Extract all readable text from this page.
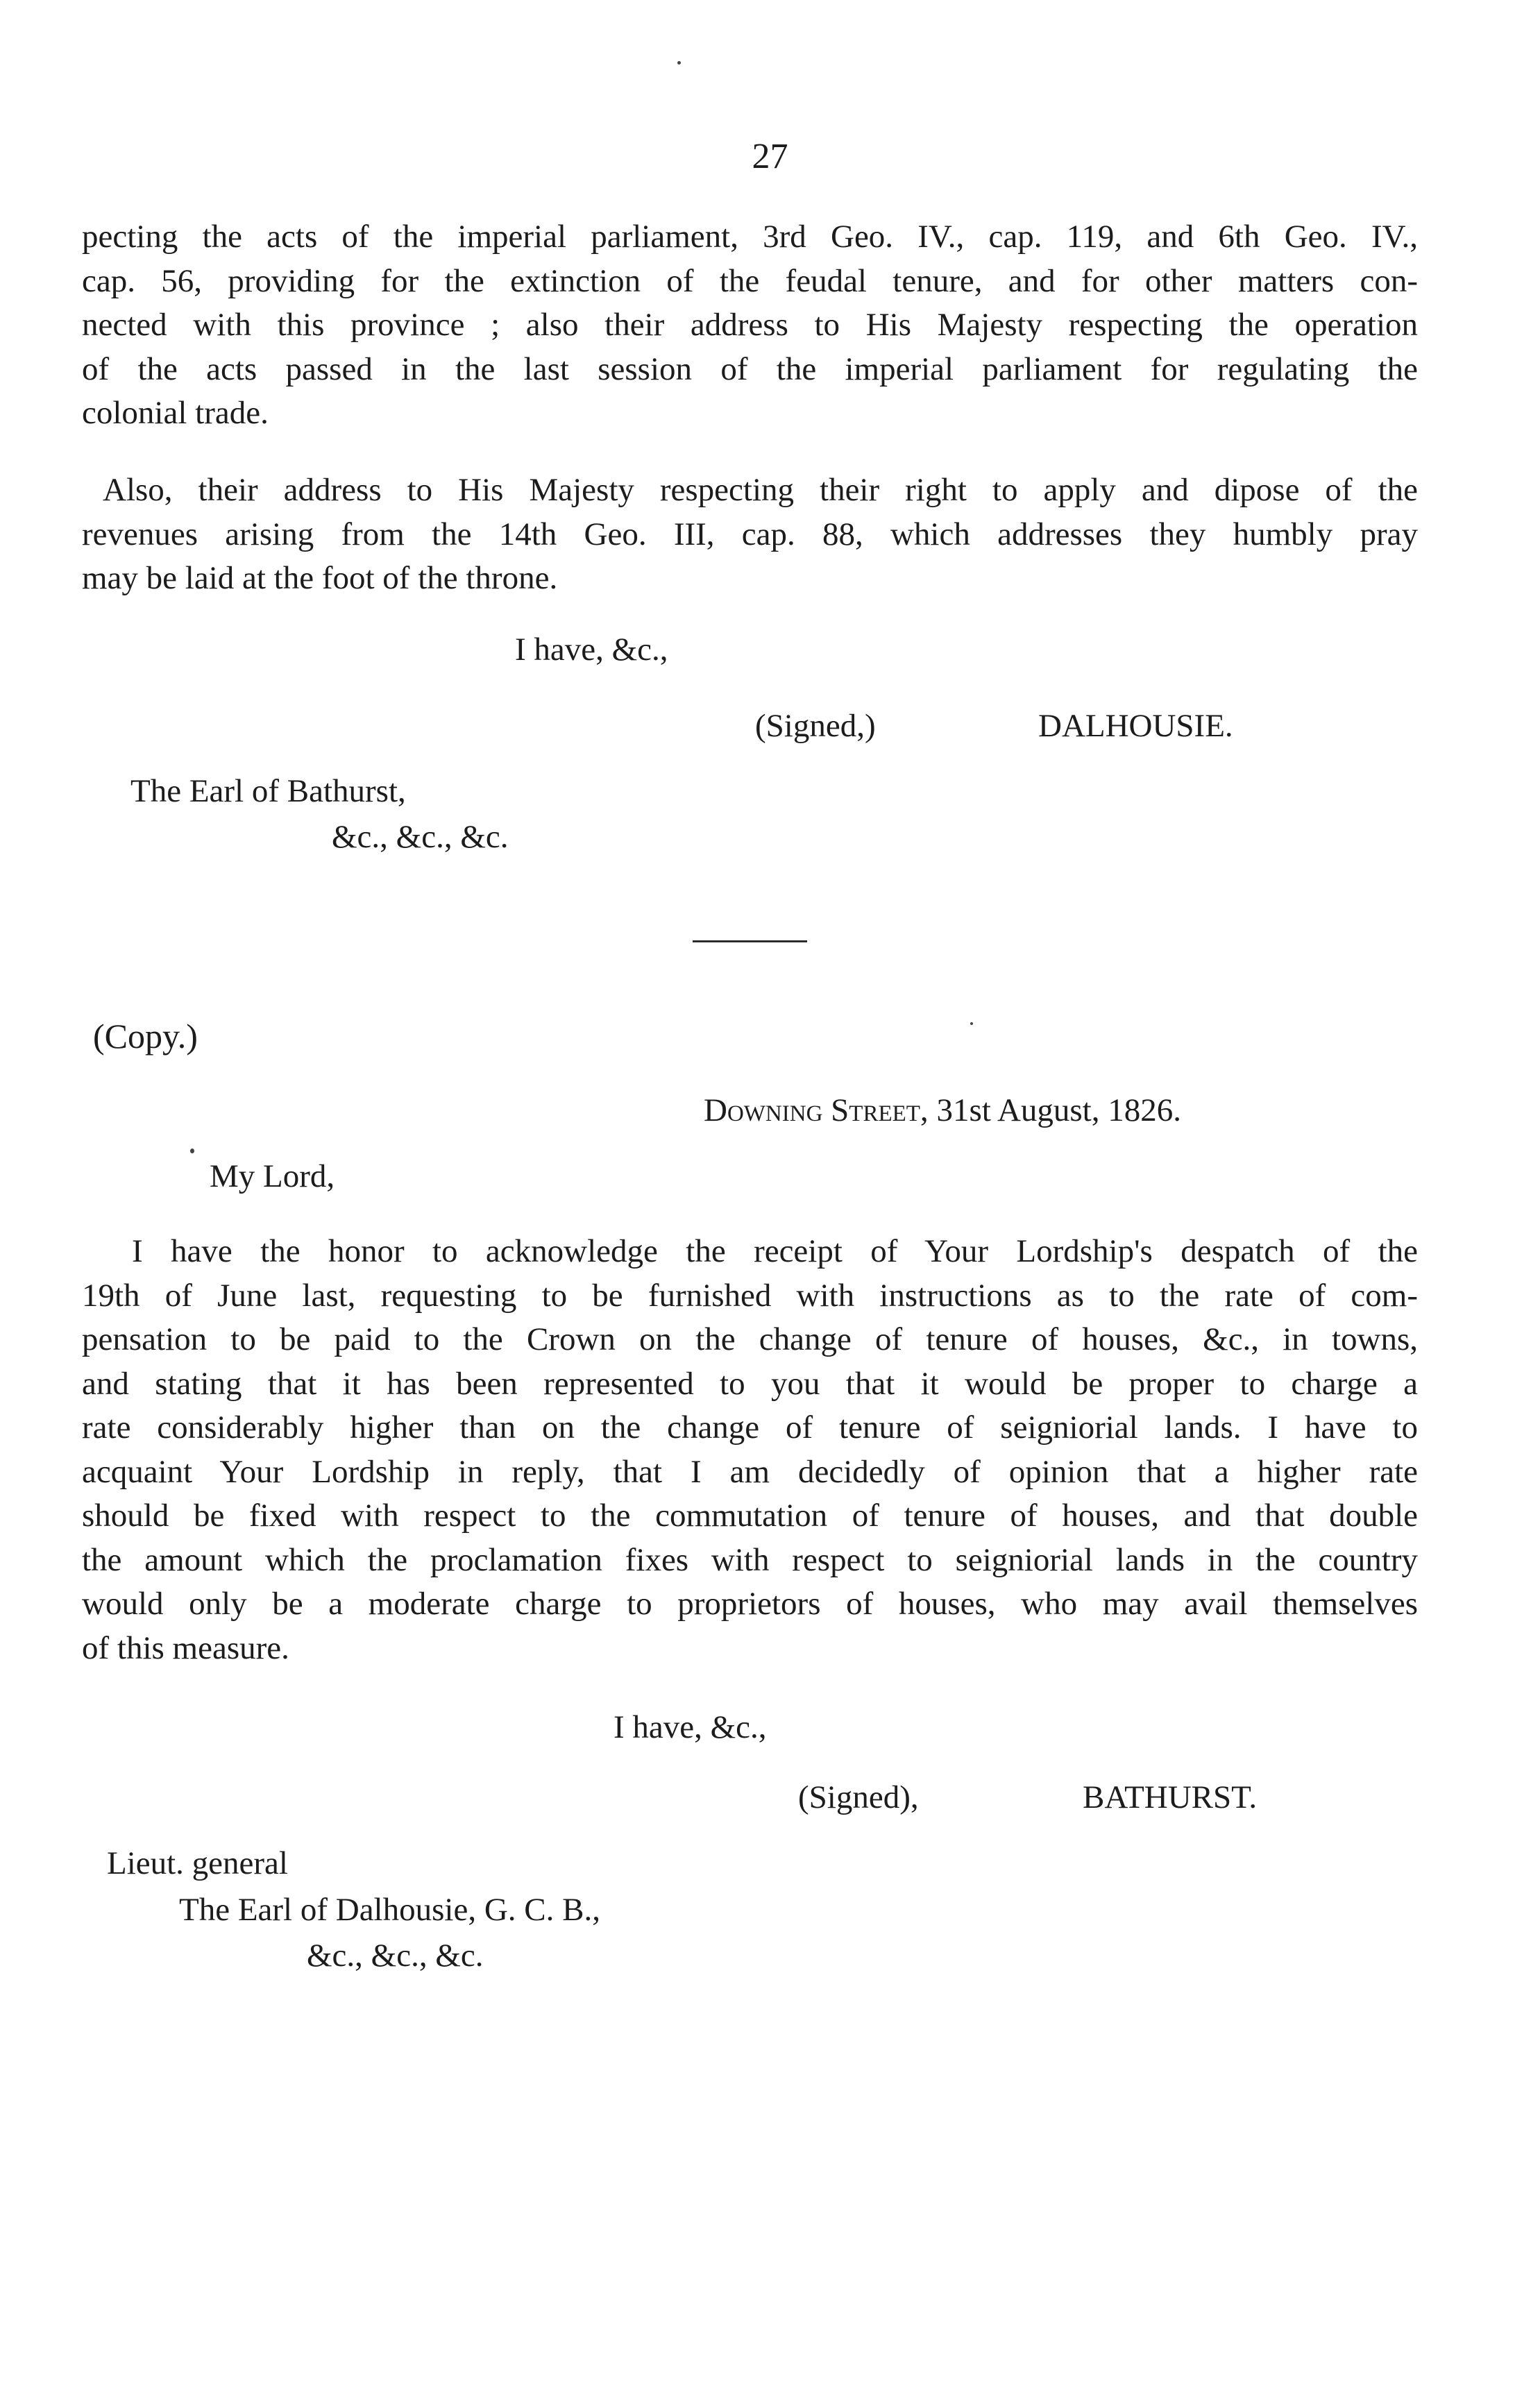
27
pecting the acts of the imperial parliament, 3rd Geo. IV., cap. 119, and 6th Geo. IV.,
cap. 56, providing for the extinction of the feudal tenure, and for other matters con-
nected with this province ; also their address to His Majesty respecting the operation
of the acts passed in the last session of the imperial parliament for regulating the
colonial trade.
Also, their address to His Majesty respecting their right to apply and dipose of the
revenues arising from the 14th Geo. III, cap. 88, which addresses they humbly pray
may be laid at the foot of the throne.
I have, &c.,
(Signed,)	DALHOUSIE.
The Earl of Bathurst,
&c., &c., &c.
(Copy.)
Downing Street, 31st August, 1826.
My Lord,
I have the honor to acknowledge the receipt of Your Lordship's despatch of the
19th of June last, requesting to be furnished with instructions as to the rate of com-
pensation to be paid to the Crown on the change of tenure of houses, &c., in towns,
and stating that it has been represented to you that it would be proper to charge a
rate considerably higher than on the change of tenure of seigniorial lands. I have to
acquaint Your Lordship in reply, that I am decidedly of opinion that a higher rate
should be fixed with respect to the commutation of tenure of houses, and that double
the amount which the proclamation fixes with respect to seigniorial lands in the country
would only be a moderate charge to proprietors of houses, who may avail themselves
of this measure.
I have, &c.,
(Signed),	BATHURST.
Lieut. general
The Earl of Dalhousie, G. C. B.,
&c., &c., &c.
